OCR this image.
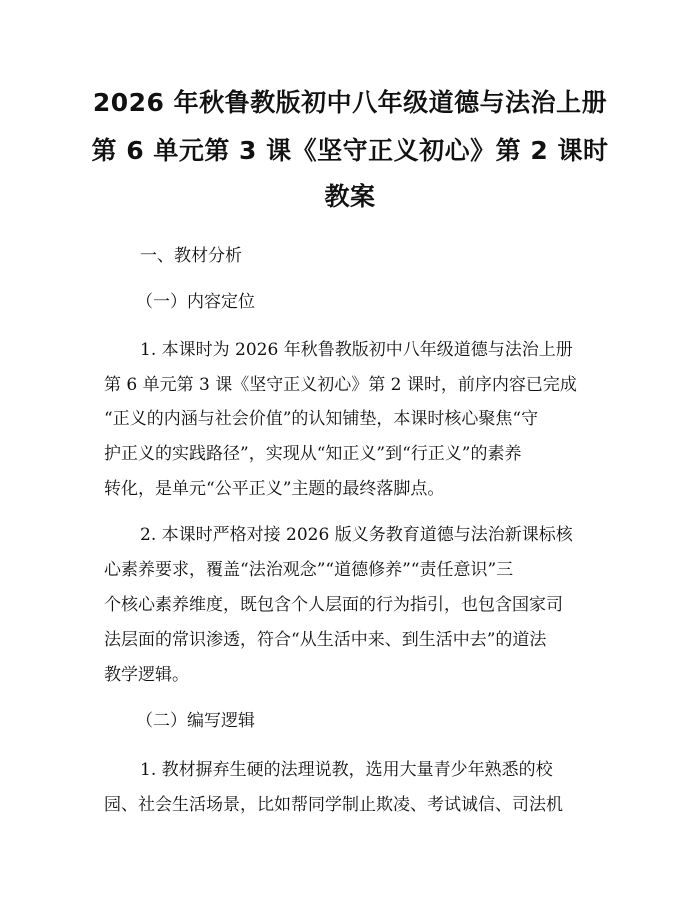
2026 年秋鲁教版初中八年级道德与法治上册
第 6 单元第 3 课《坚守正义初心》第 2 课时
教案
一、教材分析
（一）内容定位
1. 本课时为 2026 年秋鲁教版初中八年级道德与法治上册
第 6 单元第 3 课《坚守正义初心》第 2 课时，前序内容已完成
“正义的内涵与社会价值”的认知铺垫，本课时核心聚焦“守
护正义的实践路径”，实现从“知正义”到“行正义”的素养
转化，是单元“公平正义”主题的最终落脚点。
2. 本课时严格对接 2026 版义务教育道德与法治新课标核
心素养要求，覆盖“法治观念”“道德修养”“责任意识”三
个核心素养维度，既包含个人层面的行为指引，也包含国家司
法层面的常识渗透，符合“从生活中来、到生活中去”的道法
教学逻辑。
（二）编写逻辑
1. 教材摒弃生硬的法理说教，选用大量青少年熟悉的校
园、社会生活场景，比如帮同学制止欺凌、考试诚信、司法机
